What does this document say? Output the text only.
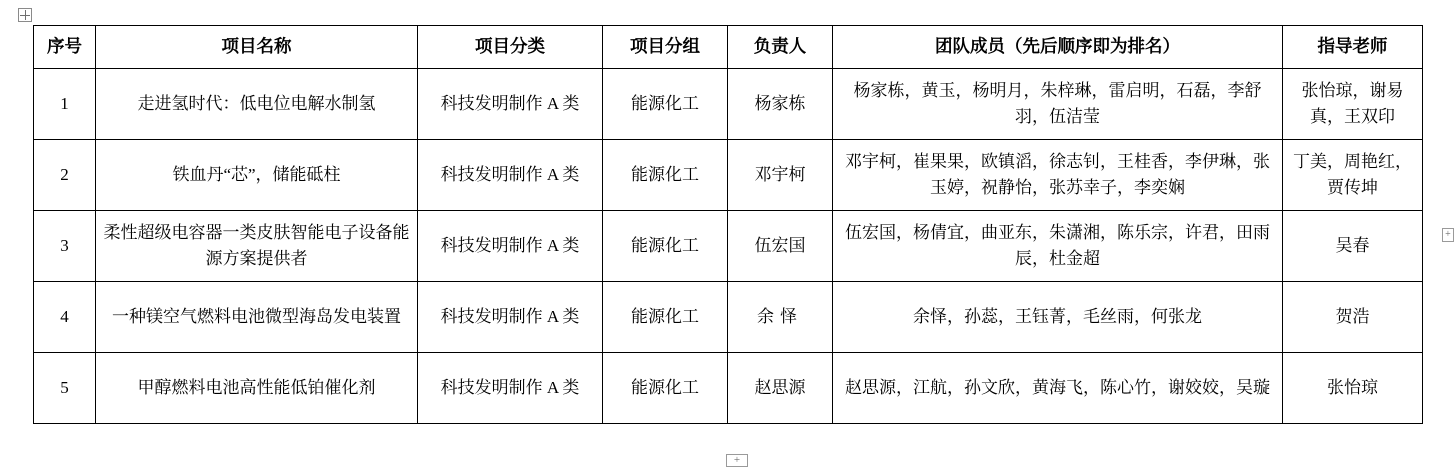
+
+
序号	项目名称	项目分类	项目分组	负责人	团队成员（先后顺序即为排名）	指导老师
1	走进氢时代：低电位电解水制氢	科技发明制作 A 类	能源化工	杨家栋	杨家栋，黄玉，杨明月，朱梓琳，雷启明，石磊，李舒羽，伍洁莹	张怡琼，谢易真，王双印
2	铁血丹“芯”，储能砥柱	科技发明制作 A 类	能源化工	邓宇柯	邓宇柯，崔果果，欧镇滔，徐志钊，王桂香，李伊琳，张玉婷，祝静怡，张苏幸子，李奕娴	丁美，周艳红，贾传坤
3	柔性超级电容器一类皮肤智能电子设备能源方案提供者	科技发明制作 A 类	能源化工	伍宏国	伍宏国，杨倩宜，曲亚东，朱潇湘，陈乐宗，许君，田雨辰，杜金超	吴春
4	一种镁空气燃料电池微型海岛发电装置	科技发明制作 A 类	能源化工	余怿	余怿，孙蕊，王钰菁，毛丝雨，何张龙	贺浩
5	甲醇燃料电池高性能低铂催化剂	科技发明制作 A 类	能源化工	赵思源	赵思源，江航，孙文欣，黄海飞，陈心竹，谢姣姣，吴璇	张怡琼
